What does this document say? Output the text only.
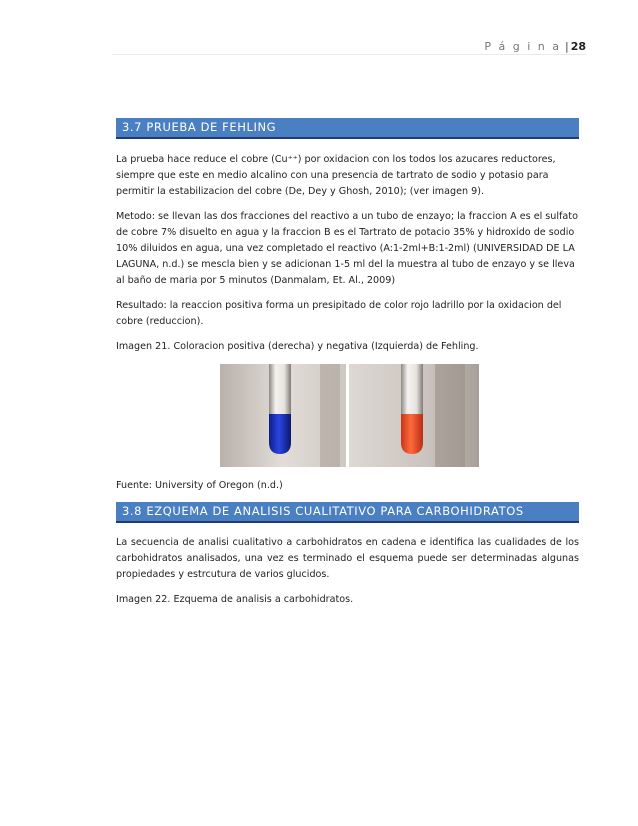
P á g i n a | 28
3.7 PRUEBA DE FEHLING

La prueba hace reduce el cobre (Cu⁺⁺) por oxidacion con los todos los azucares reductores, siempre que este en medio alcalino con una presencia de tartrato de sodio y potasio para permitir la estabilizacion del cobre (De, Dey y Ghosh, 2010); (ver imagen 9).

Metodo: se llevan las dos fracciones del reactivo a un tubo de enzayo; la fraccion A es el sulfato de cobre 7% disuelto en agua y la fraccion B es el Tartrato de potacio 35% y hidroxido de sodio 10% diluidos en agua, una vez completado el reactivo (A:1-2ml+B:1-2ml) (UNIVERSIDAD DE LA LAGUNA, n.d.) se mescla bien y se adicionan 1-5 ml del la muestra al tubo de enzayo y se lleva al baño de maria por 5 minutos (Danmalam, Et. Al., 2009)

Resultado: la reaccion positiva forma un presipitado de color rojo ladrillo por la oxidacion del cobre (reduccion).

Imagen 21. Coloracion positiva (derecha) y negativa (Izquierda) de Fehling.

Fuente: University of Oregon (n.d.)

3.8 EZQUEMA DE ANALISIS CUALITATIVO PARA CARBOHIDRATOS

La secuencia de analisi cualitativo a carbohidratos en cadena e identifica las cualidades de los carbohidratos analisados, una vez es terminado el esquema puede ser determinadas algunas propiedades y estrcutura de varios glucidos.

Imagen 22. Ezquema de analisis a carbohidratos.
